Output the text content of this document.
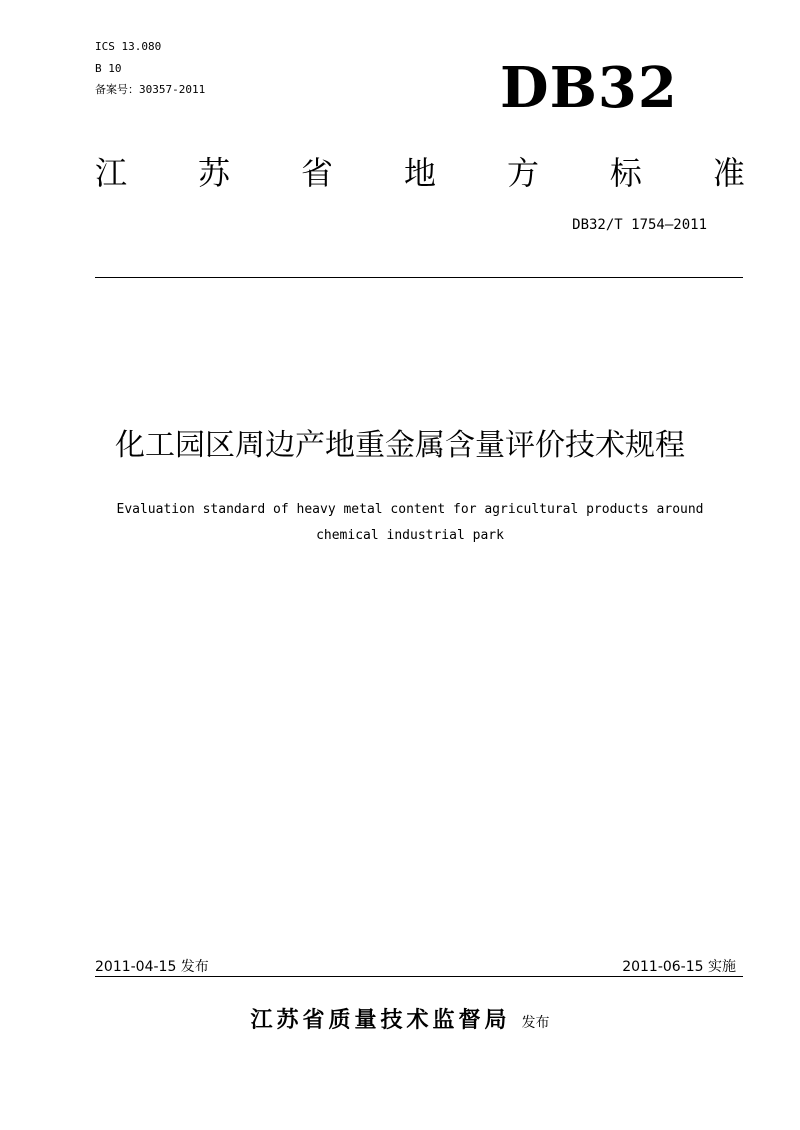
ICS 13.080
B 10
备案号：30357-2011	DB32
江 苏 省 地 方 标 准
DB32/T 1754—2011
化工园区周边产地重金属含量评价技术规程
Evaluation standard of heavy metal content for agricultural products around
chemical industrial park
2011-04-15 发布	2011-06-15 实施
江苏省质量技术监督局 发布
